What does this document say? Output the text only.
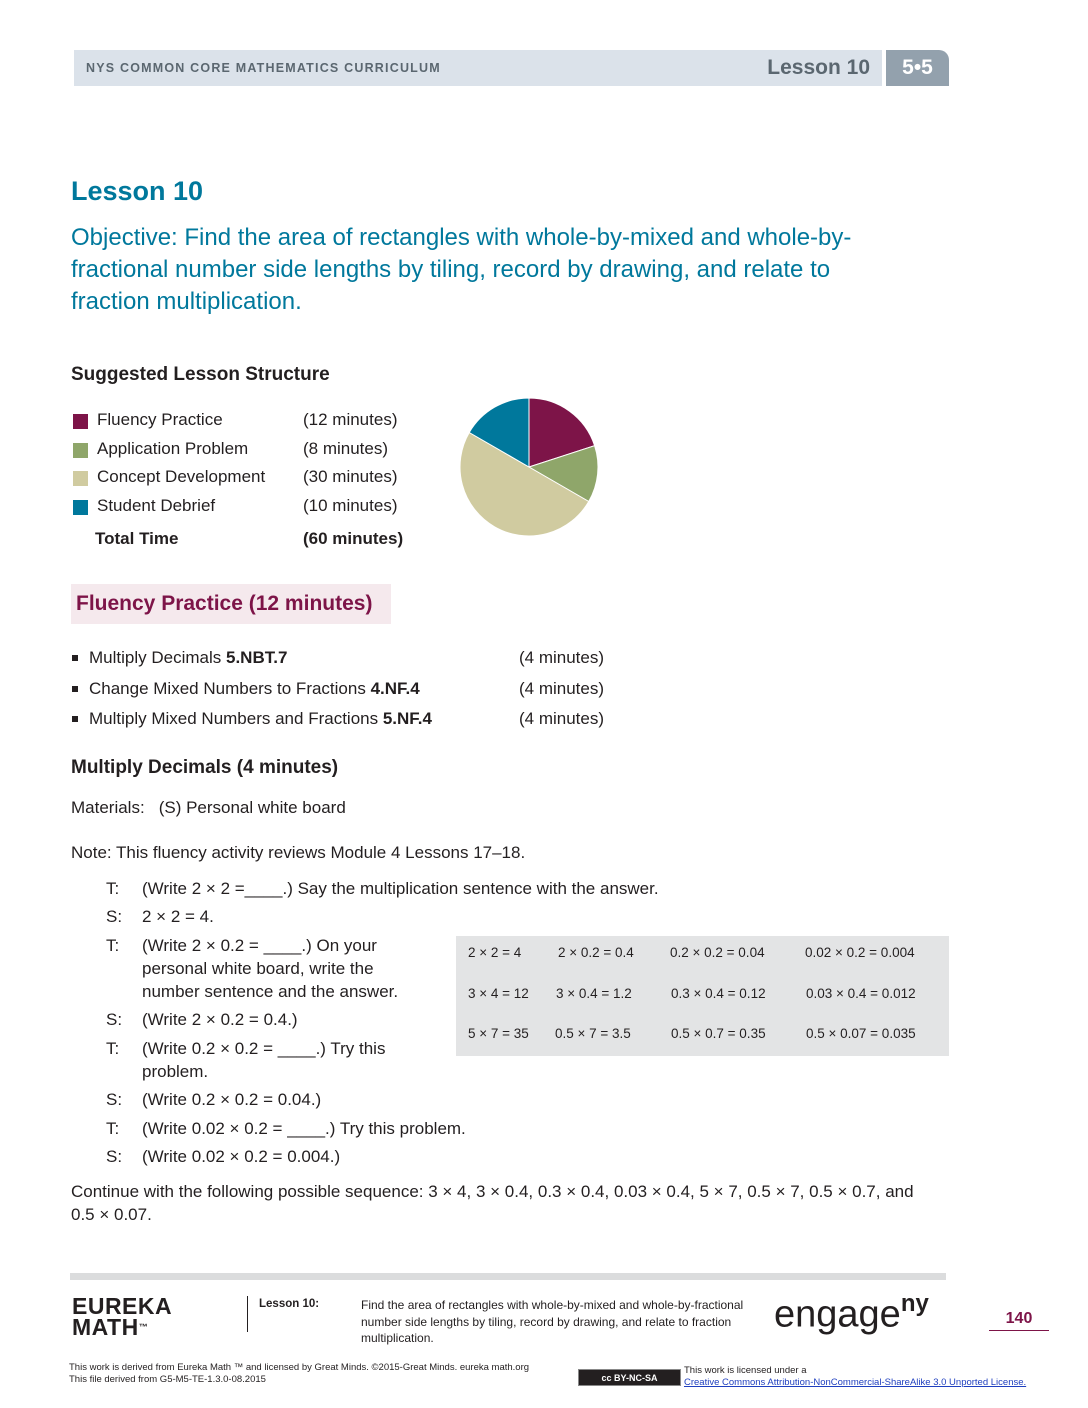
NYS COMMON CORE MATHEMATICS CURRICULUM	Lesson 10	5•5
Lesson 10
Objective: Find the area of rectangles with whole-by-mixed and whole-by-fractional number side lengths by tiling, record by drawing, and relate to fraction multiplication.
Suggested Lesson Structure
Fluency Practice	(12 minutes)
Application Problem	(8 minutes)
Concept Development (30 minutes)
Student Debrief	(10 minutes)
Total Time	(60 minutes)
Fluency Practice (12 minutes)
Multiply Decimals 5.NBT.7	(4 minutes)
Change Mixed Numbers to Fractions 4.NF.4	(4 minutes)
Multiply Mixed Numbers and Fractions 5.NF.4	(4 minutes)
Multiply Decimals (4 minutes)
Materials: (S) Personal white board
Note: This fluency activity reviews Module 4 Lessons 17–18.
T: (Write 2 × 2 =____.) Say the multiplication sentence with the answer.
S: 2 × 2 = 4.
T: (Write 2 × 0.2 = ____.) On your
personal white board, write the
number sentence and the answer.
S: (Write 2 × 0.2 = 0.4.)
T: (Write 0.2 × 0.2 = ____.) Try this
problem.
S: (Write 0.2 × 0.2 = 0.04.)
T: (Write 0.02 × 0.2 = ____.) Try this problem.
S: (Write 0.02 × 0.2 = 0.004.)
2 × 2 = 4	2 × 0.2 = 0.4	0.2 × 0.2 = 0.04	0.02 × 0.2 = 0.004
3 × 4 = 12 3 × 0.4 = 1.2	0.3 × 0.4 = 0.12	0.03 × 0.4 = 0.012
5 × 7 = 35 0.5 × 7 = 3.5	0.5 × 0.7 = 0.35	0.5 × 0.07 = 0.035
Continue with the following possible sequence: 3 × 4, 3 × 0.4, 0.3 × 0.4, 0.03 × 0.4, 5 × 7, 0.5 × 7, 0.5 × 0.7, and 0.5 × 0.07.
EUREKA
MATH™
Lesson 10:	Find the area of rectangles with whole-by-mixed and whole-by-fractional number side lengths by tiling, record by drawing, and relate to fraction multiplication.
engage$^{ny}$
140
This work is derived from Eureka Math ™ and licensed by Great Minds. ©2015-Great Minds. eureka math.org
This file derived from G5-M5-TE-1.3.0-08.2015	cc BY-NC-SA
This work is licensed under a
Creative Commons Attribution-NonCommercial-ShareAlike 3.0 Unported License.
